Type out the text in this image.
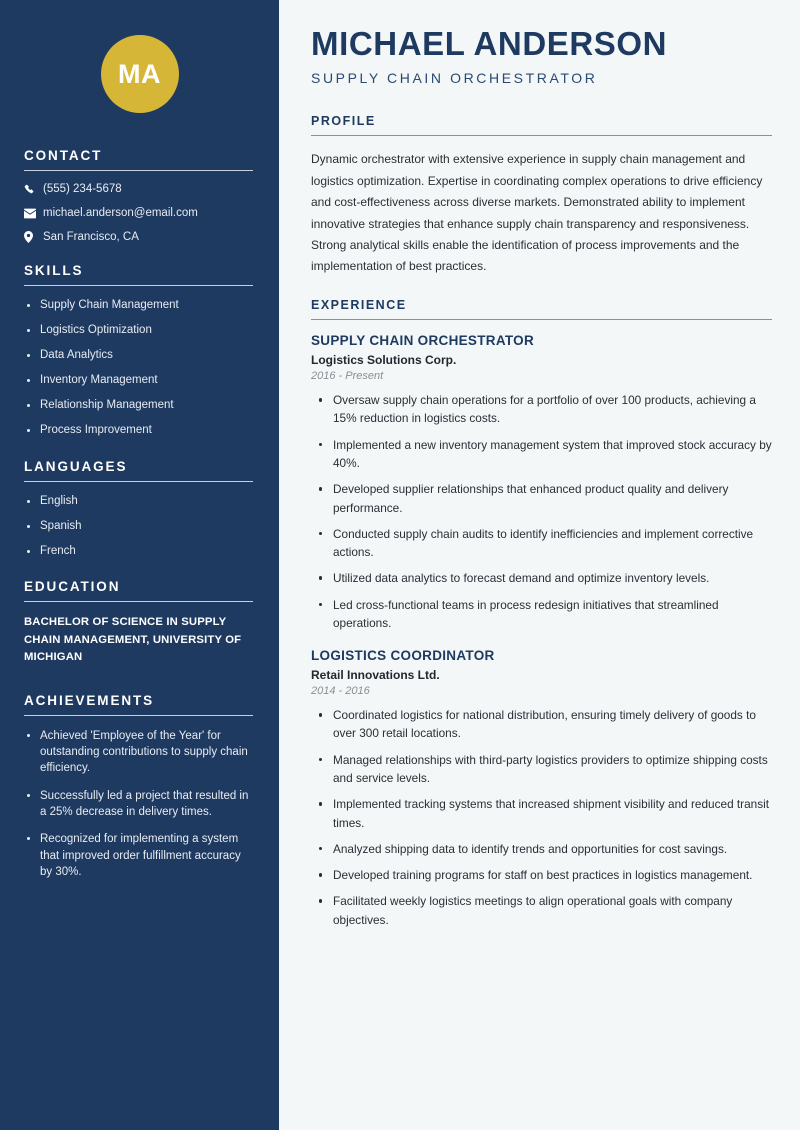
MA
CONTACT
(555) 234-5678
michael.anderson@email.com
San Francisco, CA
SKILLS
Supply Chain Management
Logistics Optimization
Data Analytics
Inventory Management
Relationship Management
Process Improvement
LANGUAGES
English
Spanish
French
EDUCATION
BACHELOR OF SCIENCE IN SUPPLY CHAIN MANAGEMENT, UNIVERSITY OF MICHIGAN
ACHIEVEMENTS
Achieved 'Employee of the Year' for outstanding contributions to supply chain efficiency.
Successfully led a project that resulted in a 25% decrease in delivery times.
Recognized for implementing a system that improved order fulfillment accuracy by 30%.
MICHAEL ANDERSON
SUPPLY CHAIN ORCHESTRATOR
PROFILE

Dynamic orchestrator with extensive experience in supply chain management and logistics optimization. Expertise in coordinating complex operations to drive efficiency and cost-effectiveness across diverse markets. Demonstrated ability to implement innovative strategies that enhance supply chain transparency and responsiveness. Strong analytical skills enable the identification of process improvements and the implementation of best practices.

EXPERIENCE
SUPPLY CHAIN ORCHESTRATOR
Logistics Solutions Corp.
2016 - Present
Oversaw supply chain operations for a portfolio of over 100 products, achieving a 15% reduction in logistics costs.
Implemented a new inventory management system that improved stock accuracy by 40%.
Developed supplier relationships that enhanced product quality and delivery performance.
Conducted supply chain audits to identify inefficiencies and implement corrective actions.
Utilized data analytics to forecast demand and optimize inventory levels.
Led cross-functional teams in process redesign initiatives that streamlined operations.
LOGISTICS COORDINATOR
Retail Innovations Ltd.
2014 - 2016
Coordinated logistics for national distribution, ensuring timely delivery of goods to over 300 retail locations.
Managed relationships with third-party logistics providers to optimize shipping costs and service levels.
Implemented tracking systems that increased shipment visibility and reduced transit times.
Analyzed shipping data to identify trends and opportunities for cost savings.
Developed training programs for staff on best practices in logistics management.
Facilitated weekly logistics meetings to align operational goals with company objectives.
